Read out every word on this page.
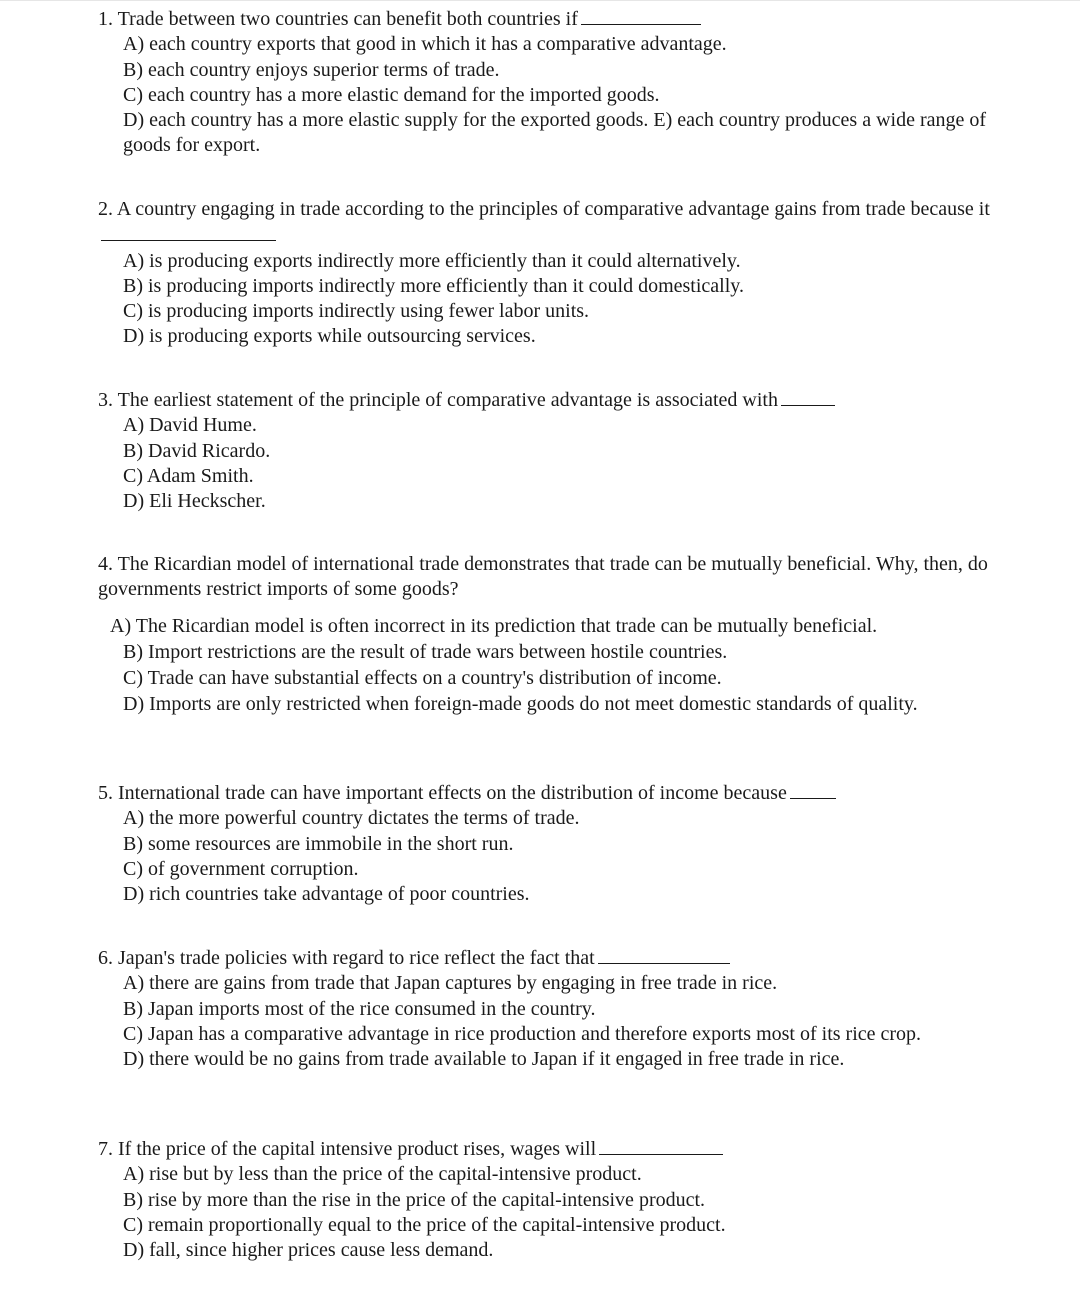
1. Trade between two countries can benefit both countries if

A) each country exports that good in which it has a comparative advantage.

B) each country enjoys superior terms of trade.

C) each country has a more elastic demand for the imported goods.

D) each country has a more elastic supply for the exported goods. E) each country produces a wide range of goods for export.

2. A country engaging in trade according to the principles of comparative advantage gains from trade because it

A) is producing exports indirectly more efficiently than it could alternatively.

B) is producing imports indirectly more efficiently than it could domestically.

C) is producing imports indirectly using fewer labor units.

D) is producing exports while outsourcing services.

3. The earliest statement of the principle of comparative advantage is associated with

A) David Hume.

B) David Ricardo.

C) Adam Smith.

D) Eli Heckscher.

4. The Ricardian model of international trade demonstrates that trade can be mutually beneficial. Why, then, do governments restrict imports of some goods?

A) The Ricardian model is often incorrect in its prediction that trade can be mutually beneficial.

B) Import restrictions are the result of trade wars between hostile countries.

C) Trade can have substantial effects on a country's distribution of income.

D) Imports are only restricted when foreign-made goods do not meet domestic standards of quality.

5. International trade can have important effects on the distribution of income because

A) the more powerful country dictates the terms of trade.

B) some resources are immobile in the short run.

C) of government corruption.

D) rich countries take advantage of poor countries.

6. Japan's trade policies with regard to rice reflect the fact that

A) there are gains from trade that Japan captures by engaging in free trade in rice.

B) Japan imports most of the rice consumed in the country.

C) Japan has a comparative advantage in rice production and therefore exports most of its rice crop.

D) there would be no gains from trade available to Japan if it engaged in free trade in rice.

7. If the price of the capital intensive product rises, wages will

A) rise but by less than the price of the capital-intensive product.

B) rise by more than the rise in the price of the capital-intensive product.

C) remain proportionally equal to the price of the capital-intensive product.

D) fall, since higher prices cause less demand.
